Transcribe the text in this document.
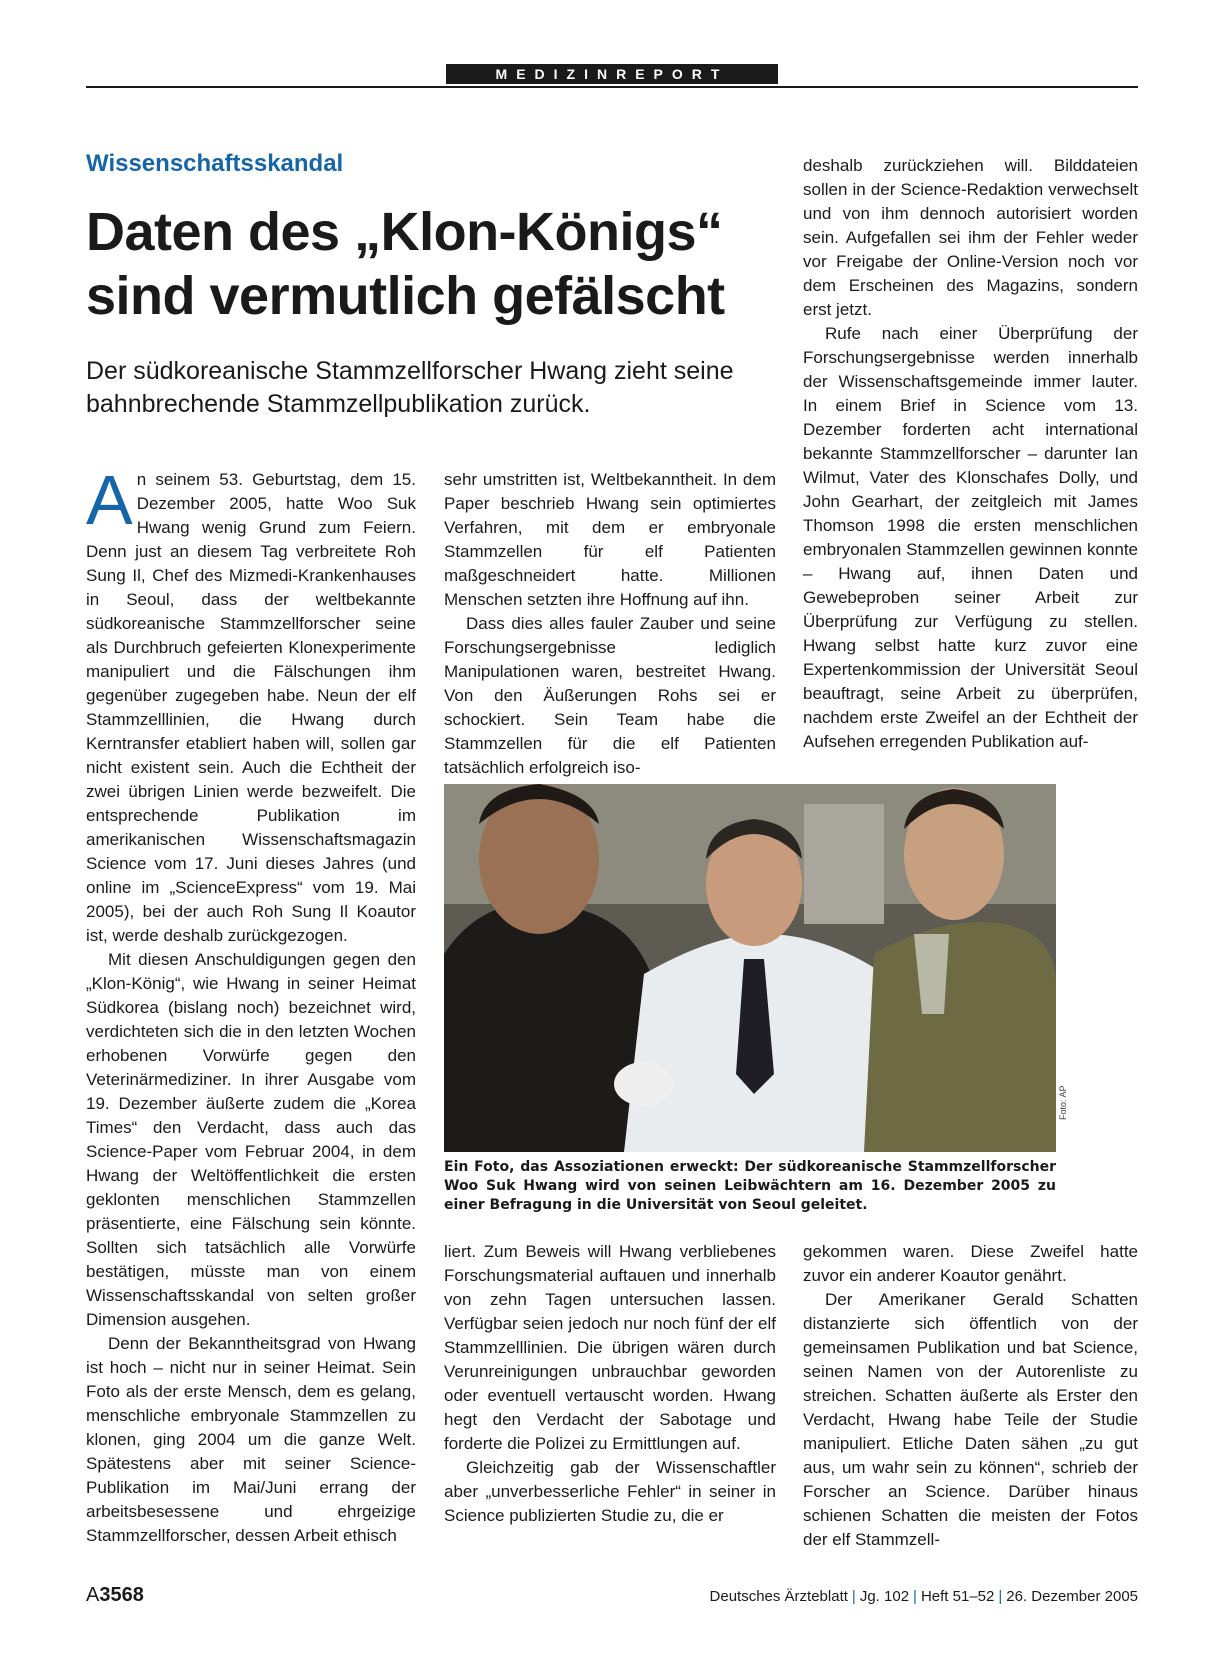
MEDIZINREPORT
Wissenschaftsskandal
Daten des „Klon-Königs“ sind vermutlich gefälscht
Der südkoreanische Stammzellforscher Hwang zieht seine bahnbrechende Stammzellpublikation zurück.

An seinem 53. Geburtstag, dem 15. Dezember 2005, hatte Woo Suk Hwang wenig Grund zum Feiern. Denn just an diesem Tag verbreitete Roh Sung Il, Chef des Mizmedi-Krankenhauses in Seoul, dass der weltbekannte südkoreanische Stammzellforscher seine als Durchbruch gefeierten Klonexperimente manipuliert und die Fälschungen ihm gegenüber zugegeben habe. Neun der elf Stammzelllinien, die Hwang durch Kerntransfer etabliert haben will, sollen gar nicht existent sein. Auch die Echtheit der zwei übrigen Linien werde bezweifelt. Die entsprechende Publikation im amerikanischen Wissenschaftsmagazin Science vom 17. Juni dieses Jahres (und online im „ScienceExpress“ vom 19. Mai 2005), bei der auch Roh Sung Il Koautor ist, werde deshalb zurückgezogen.

Mit diesen Anschuldigungen gegen den „Klon-König“, wie Hwang in seiner Heimat Südkorea (bislang noch) bezeichnet wird, verdichteten sich die in den letzten Wochen erhobenen Vorwürfe gegen den Veterinärmediziner. In ihrer Ausgabe vom 19. Dezember äußerte zudem die „Korea Times“ den Verdacht, dass auch das Science-Paper vom Februar 2004, in dem Hwang der Weltöffentlichkeit die ersten geklonten menschlichen Stammzellen präsentierte, eine Fälschung sein könnte. Sollten sich tatsächlich alle Vorwürfe bestätigen, müsste man von einem Wissenschaftsskandal von selten großer Dimension ausgehen.

Denn der Bekanntheitsgrad von Hwang ist hoch – nicht nur in seiner Heimat. Sein Foto als der erste Mensch, dem es gelang, menschliche embryonale Stammzellen zu klonen, ging 2004 um die ganze Welt. Spätestens aber mit seiner Science-Publikation im Mai/Juni errang der arbeitsbesessene und ehrgeizige Stammzellforscher, dessen Arbeit ethisch

sehr umstritten ist, Weltbekanntheit. In dem Paper beschrieb Hwang sein optimiertes Verfahren, mit dem er embryonale Stammzellen für elf Patienten maßgeschneidert hatte. Millionen Menschen setzten ihre Hoffnung auf ihn.

Dass dies alles fauler Zauber und seine Forschungsergebnisse lediglich Manipulationen waren, bestreitet Hwang. Von den Äußerungen Rohs sei er schockiert. Sein Team habe die Stammzellen für die elf Patienten tatsächlich erfolgreich iso-

deshalb zurückziehen will. Bilddateien sollen in der Science-Redaktion verwechselt und von ihm dennoch autorisiert worden sein. Aufgefallen sei ihm der Fehler weder vor Freigabe der Online-Version noch vor dem Erscheinen des Magazins, sondern erst jetzt.

Rufe nach einer Überprüfung der Forschungsergebnisse werden innerhalb der Wissenschaftsgemeinde immer lauter. In einem Brief in Science vom 13. Dezember forderten acht international bekannte Stammzellforscher – darunter Ian Wilmut, Vater des Klonschafes Dolly, und John Gearhart, der zeitgleich mit James Thomson 1998 die ersten menschlichen embryonalen Stammzellen gewinnen konnte – Hwang auf, ihnen Daten und Gewebeproben seiner Arbeit zur Überprüfung zur Verfügung zu stellen. Hwang selbst hatte kurz zuvor eine Expertenkommission der Universität Seoul beauftragt, seine Arbeit zu überprüfen, nachdem erste Zweifel an der Echtheit der Aufsehen erregenden Publikation auf-

Foto: AP
Ein Foto, das Assoziationen erweckt: Der südkoreanische Stammzellforscher Woo Suk Hwang wird von seinen Leibwächtern am 16. Dezember 2005 zu einer Befragung in die Universität von Seoul geleitet.

liert. Zum Beweis will Hwang verbliebenes Forschungsmaterial auftauen und innerhalb von zehn Tagen untersuchen lassen. Verfügbar seien jedoch nur noch fünf der elf Stammzelllinien. Die übrigen wären durch Verunreinigungen unbrauchbar geworden oder eventuell vertauscht worden. Hwang hegt den Verdacht der Sabotage und forderte die Polizei zu Ermittlungen auf.

Gleichzeitig gab der Wissenschaftler aber „unverbesserliche Fehler“ in seiner in Science publizierten Studie zu, die er

gekommen waren. Diese Zweifel hatte zuvor ein anderer Koautor genährt.

Der Amerikaner Gerald Schatten distanzierte sich öffentlich von der gemeinsamen Publikation und bat Science, seinen Namen von der Autorenliste zu streichen. Schatten äußerte als Erster den Verdacht, Hwang habe Teile der Studie manipuliert. Etliche Daten sähen „zu gut aus, um wahr sein zu können“, schrieb der Forscher an Science. Darüber hinaus schienen Schatten die meisten der Fotos der elf Stammzell-

A3568	Deutsches Ärzteblatt | Jg. 102 | Heft 51–52 | 26. Dezember 2005
